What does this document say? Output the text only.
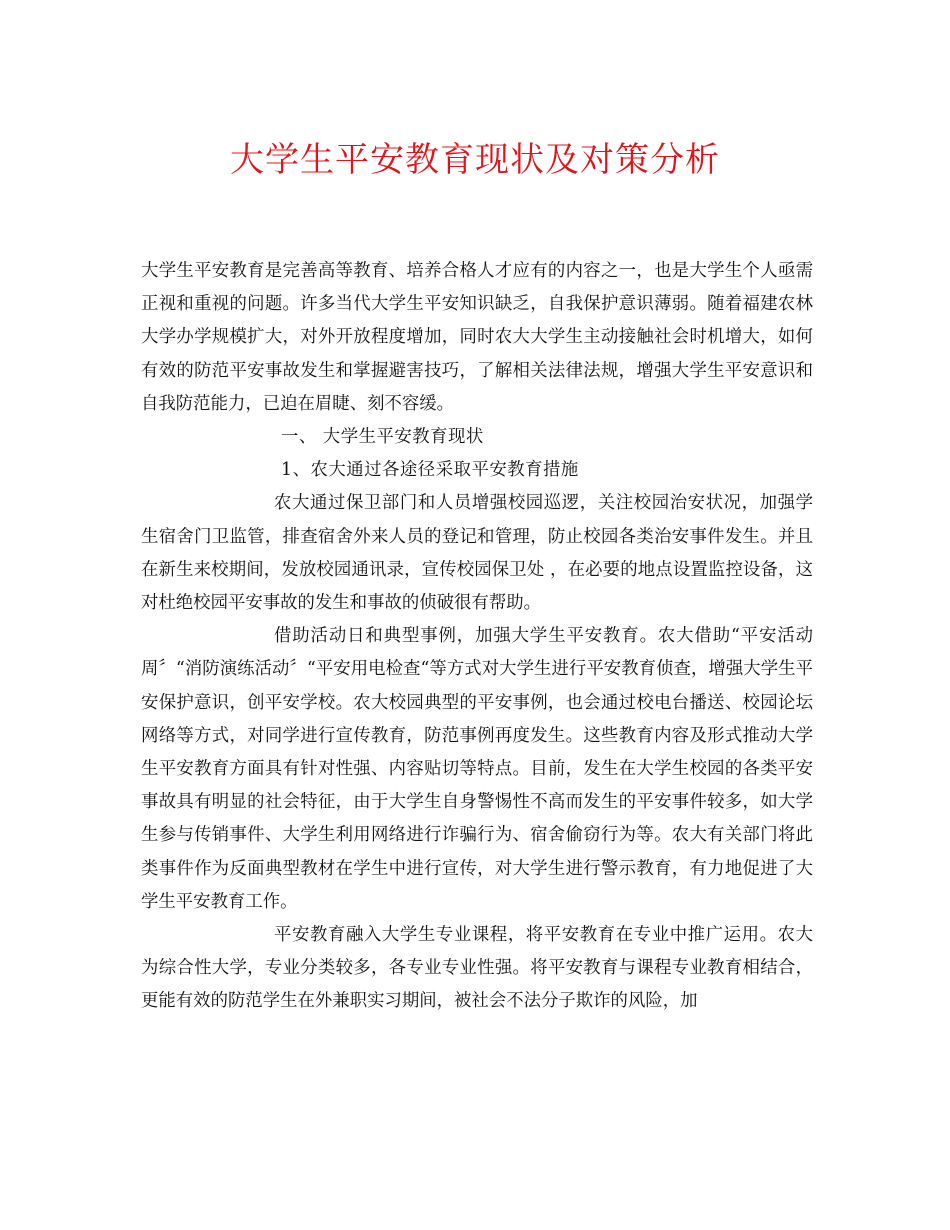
大学生平安教育现状及对策分析

大学生平安教育是完善高等教育、培养合格人才应有的内容之一，也是大学生个人亟需正视和重视的问题。许多当代大学生平安知识缺乏，自我保护意识薄弱。随着福建农林大学办学规模扩大，对外开放程度增加，同时农大大学生主动接触社会时机增大，如何有效的防范平安事故发生和掌握避害技巧，了解相关法律法规，增强大学生平安意识和自我防范能力，已迫在眉睫、刻不容缓。

一、 大学生平安教育现状

1、农大通过各途径采取平安教育措施

农大通过保卫部门和人员增强校园巡逻，关注校园治安状况，加强学生宿舍门卫监管，排查宿舍外来人员的登记和管理，防止校园各类治安事件发生。并且在新生来校期间，发放校园通讯录，宣传校园保卫处 ，在必要的地点设置监控设备，这对杜绝校园平安事故的发生和事故的侦破很有帮助。

借助活动日和典型事例，加强大学生平安教育。农大借助“平安活动周〞“消防演练活动〞“平安用电检查“等方式对大学生进行平安教育侦查，增强大学生平安保护意识，创平安学校。农大校园典型的平安事例，也会通过校电台播送、校园论坛网络等方式，对同学进行宣传教育，防范事例再度发生。这些教育内容及形式推动大学生平安教育方面具有针对性强、内容贴切等特点。目前，发生在大学生校园的各类平安事故具有明显的社会特征，由于大学生自身警惕性不高而发生的平安事件较多，如大学生参与传销事件、大学生利用网络进行诈骗行为、宿舍偷窃行为等。农大有关部门将此类事件作为反面典型教材在学生中进行宣传，对大学生进行警示教育，有力地促进了大学生平安教育工作。

平安教育融入大学生专业课程，将平安教育在专业中推广运用。农大为综合性大学，专业分类较多，各专业专业性强。将平安教育与课程专业教育相结合，更能有效的防范学生在外兼职实习期间，被社会不法分子欺诈的风险，加
